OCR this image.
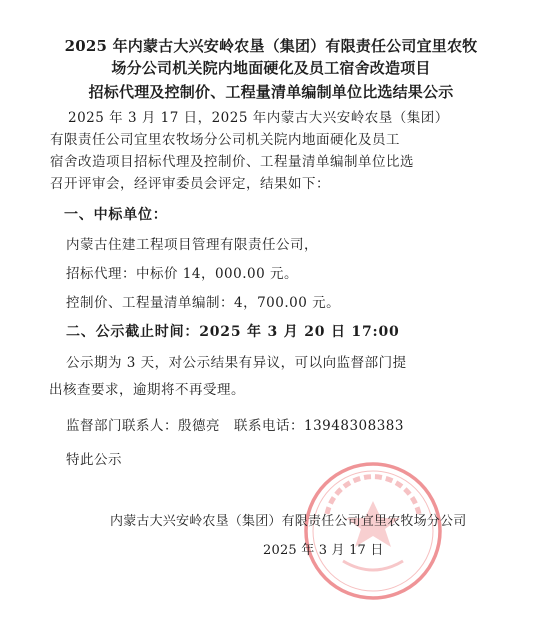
2025 年内蒙古大兴安岭农垦（集团）有限责任公司宜里农牧
场分公司机关院内地面硬化及员工宿舍改造项目
招标代理及控制价、工程量清单编制单位比选结果公示
2025 年 3 月 17 日，2025 年内蒙古大兴安岭农垦（集团）
有限责任公司宜里农牧场分公司机关院内地面硬化及员工
宿舍改造项目招标代理及控制价、工程量清单编制单位比选
召开评审会，经评审委员会评定，结果如下：
一、中标单位：
内蒙古住建工程项目管理有限责任公司，
招标代理：中标价 14，000.00 元。
控制价、工程量清单编制：4，700.00 元。
二、公示截止时间：2025 年 3 月 20 日 17:00
公示期为 3 天，对公示结果有异议，可以向监督部门提
出核查要求，逾期将不再受理。
监督部门联系人：殷德亮　联系电话：13948308383
特此公示
内蒙古大兴安岭农垦（集团）有限责任公司宜里农牧场分公司
2025 年 3 月 17 日
